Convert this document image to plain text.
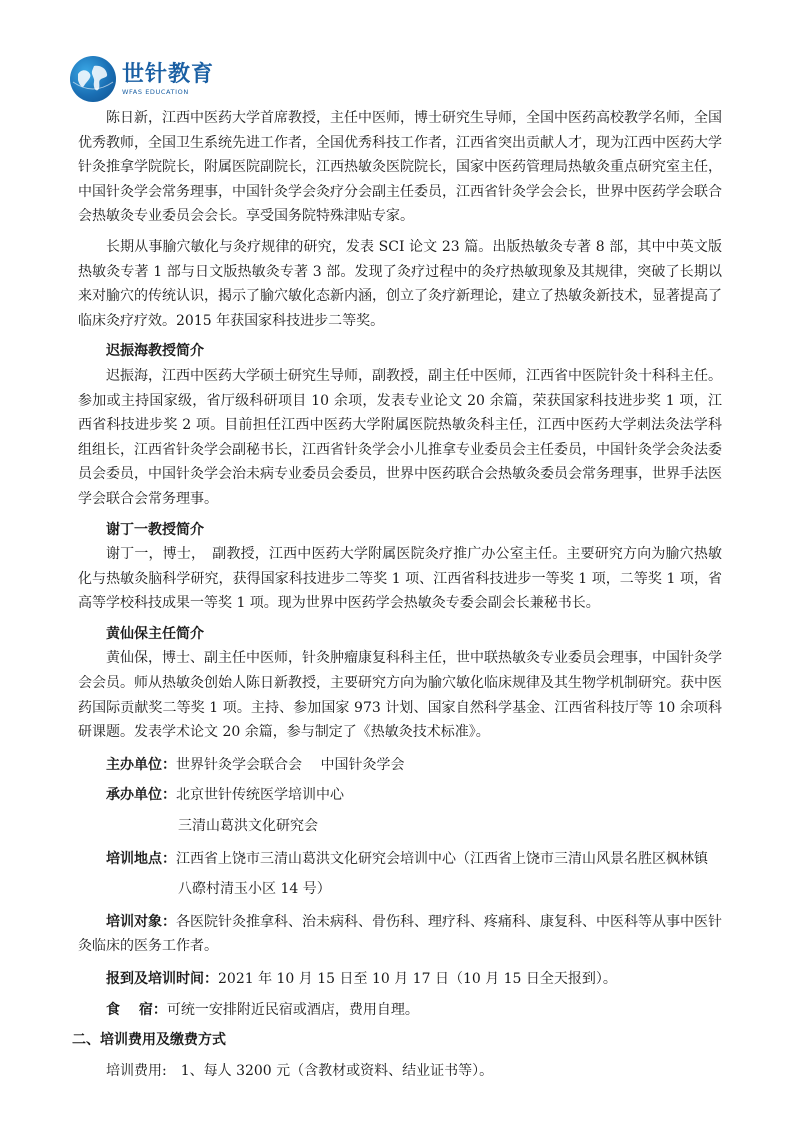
世针教育
WFAS EDUCATION

陈日新，江西中医药大学首席教授，主任中医师，博士研究生导师，全国中医药高校教学名师，全国优秀教师，全国卫生系统先进工作者，全国优秀科技工作者，江西省突出贡献人才，现为江西中医药大学针灸推拿学院院长，附属医院副院长，江西热敏灸医院院长，国家中医药管理局热敏灸重点研究室主任，中国针灸学会常务理事，中国针灸学会灸疗分会副主任委员，江西省针灸学会会长，世界中医药学会联合会热敏灸专业委员会会长。享受国务院特殊津贴专家。

长期从事腧穴敏化与灸疗规律的研究，发表 SCI 论文 23 篇。出版热敏灸专著 8 部，其中中英文版热敏灸专著 1 部与日文版热敏灸专著 3 部。发现了灸疗过程中的灸疗热敏现象及其规律，突破了长期以来对腧穴的传统认识，揭示了腧穴敏化态新内涵，创立了灸疗新理论，建立了热敏灸新技术，显著提高了临床灸疗疗效。2015 年获国家科技进步二等奖。

迟振海教授简介

迟振海，江西中医药大学硕士研究生导师，副教授，副主任中医师，江西省中医院针灸十科科主任。参加或主持国家级，省厅级科研项目 10 余项，发表专业论文 20 余篇，荣获国家科技进步奖 1 项，江西省科技进步奖 2 项。目前担任江西中医药大学附属医院热敏灸科主任，江西中医药大学刺法灸法学科组组长，江西省针灸学会副秘书长，江西省针灸学会小儿推拿专业委员会主任委员，中国针灸学会灸法委员会委员，中国针灸学会治未病专业委员会委员，世界中医药联合会热敏灸委员会常务理事，世界手法医学会联合会常务理事。

谢丁一教授简介

谢丁一，博士，　副教授，江西中医药大学附属医院灸疗推广办公室主任。主要研究方向为腧穴热敏化与热敏灸脑科学研究，获得国家科技进步二等奖 1 项、江西省科技进步一等奖 1 项，二等奖 1 项，省高等学校科技成果一等奖 1 项。现为世界中医药学会热敏灸专委会副会长兼秘书长。

黄仙保主任简介

黄仙保，博士、副主任中医师，针灸肿瘤康复科科主任，世中联热敏灸专业委员会理事，中国针灸学会会员。师从热敏灸创始人陈日新教授，主要研究方向为腧穴敏化临床规律及其生物学机制研究。获中医药国际贡献奖二等奖 1 项。主持、参加国家 973 计划、国家自然科学基金、江西省科技厅等 10 余项科研课题。发表学术论文 20 余篇，参与制定了《热敏灸技术标准》。

主办单位：世界针灸学会联合会　 中国针灸学会

承办单位：北京世针传统医学培训中心

三清山葛洪文化研究会

培训地点：江西省上饶市三清山葛洪文化研究会培训中心（江西省上饶市三清山风景名胜区枫林镇

八磜村清玉小区 14 号）

培训对象：各医院针灸推拿科、治未病科、骨伤科、理疗科、疼痛科、康复科、中医科等从事中医针灸临床的医务工作者。

报到及培训时间：2021 年 10 月 15 日至 10 月 17 日（10 月 15 日全天报到）。

食　 宿：可统一安排附近民宿或酒店，费用自理。

二、培训费用及缴费方式

培训费用: 1、每人 3200 元（含教材或资料、结业证书等）。
